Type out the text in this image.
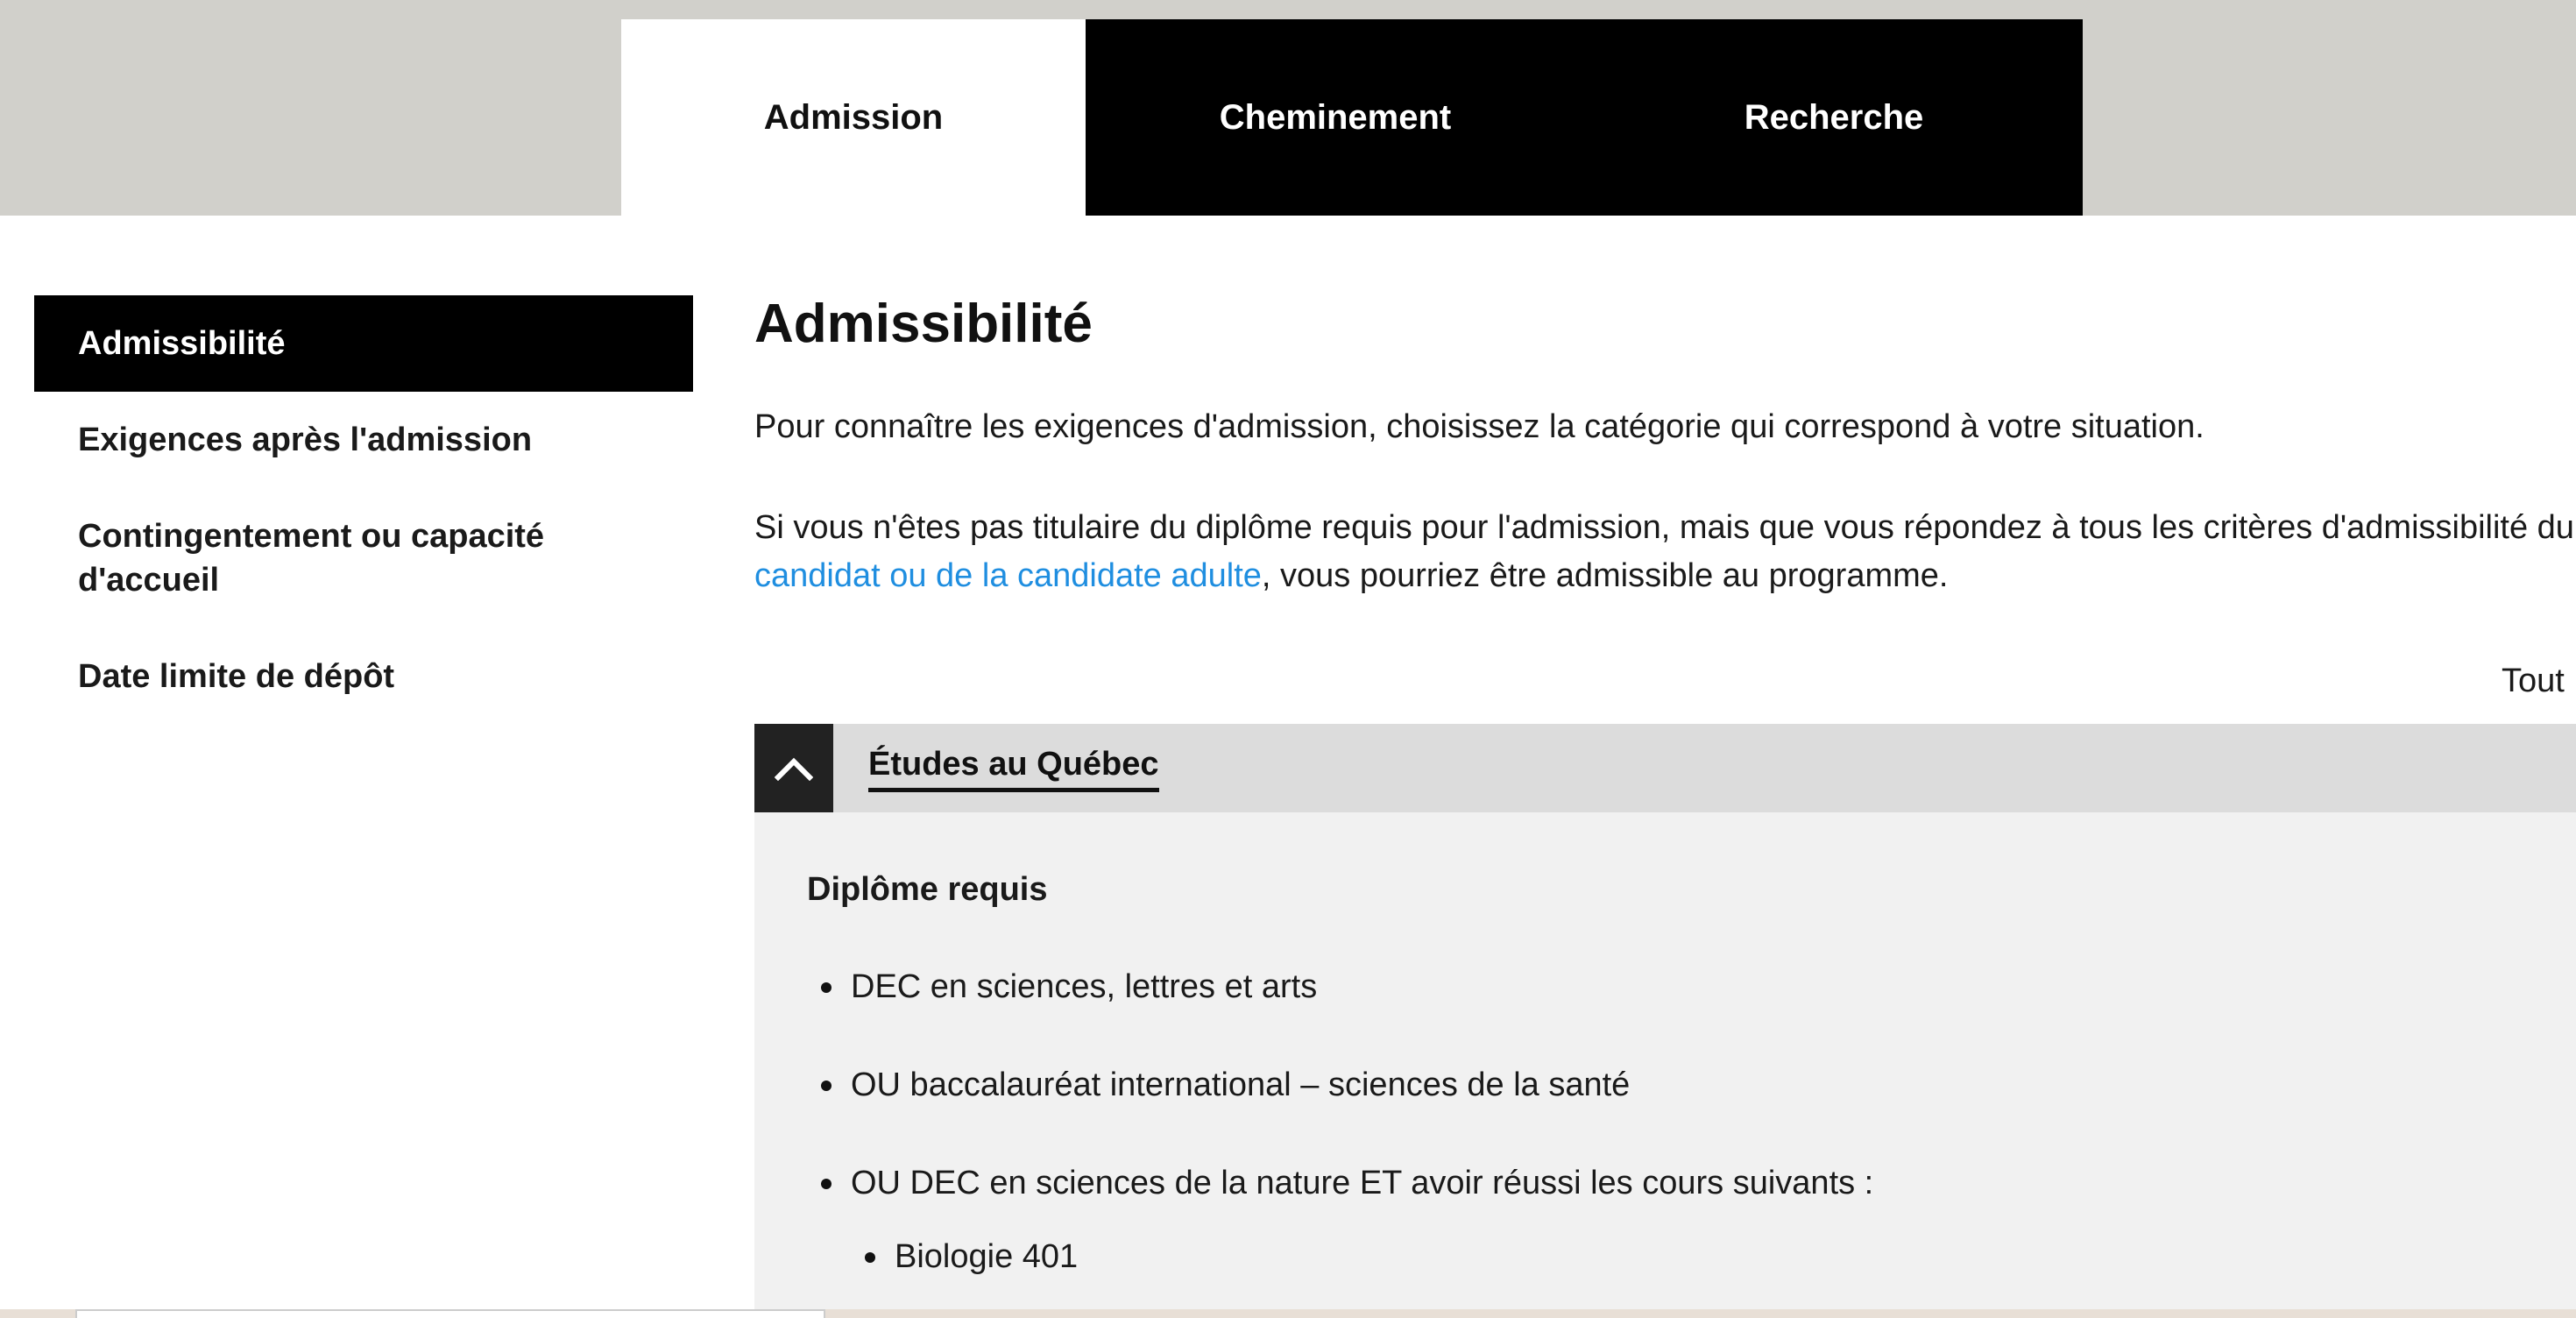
Admission	Cheminement	Recherche
Admissibilité
Exigences après l'admission
Contingentement ou capacité d'accueil
Date limite de dépôt
Admissibilité

Pour connaître les exigences d'admission, choisissez la catégorie qui correspond à votre situation.

Si vous n'êtes pas titulaire du diplôme requis pour l'admission, mais que vous répondez à tous les critères d'admissibilité du candidat ou de la candidate adulte, vous pourriez être admissible au programme.

Tout
Études au Québec
Diplôme requis
DEC en sciences, lettres et arts
OU baccalauréat international – sciences de la santé
OU DEC en sciences de la nature ET avoir réussi les cours suivants :
Biologie 401
